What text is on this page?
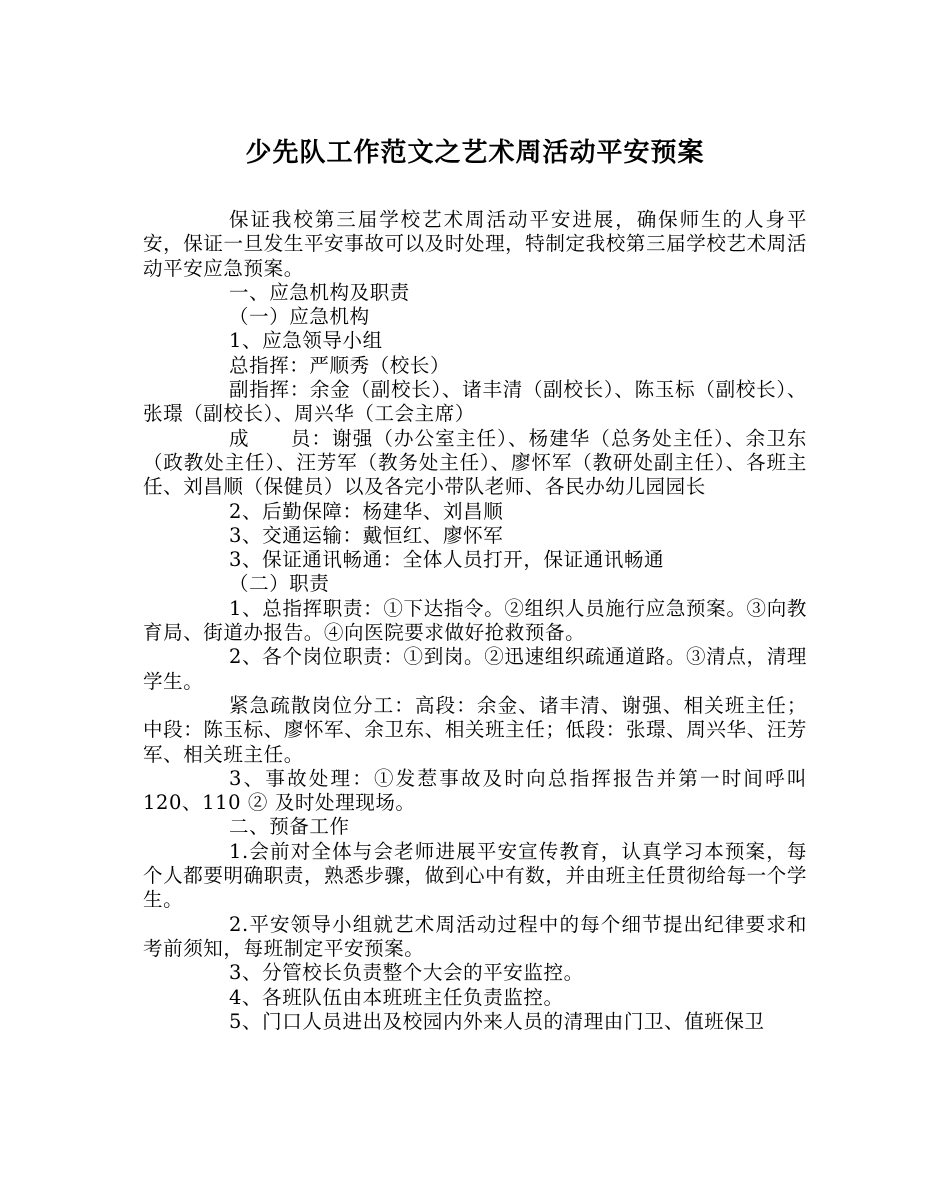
少先队工作范文之艺术周活动平安预案

保证我校第三届学校艺术周活动平安进展，确保师生的人身平安，保证一旦发生平安事故可以及时处理，特制定我校第三届学校艺术周活动平安应急预案。

一、应急机构及职责

（一）应急机构

1、应急领导小组

总指挥：严顺秀（校长）

副指挥：余金（副校长）、诸丰清（副校长）、陈玉标（副校长）、张璟（副校长）、周兴华（工会主席）

成　　员：谢强（办公室主任）、杨建华（总务处主任）、余卫东（政教处主任）、汪芳军（教务处主任）、廖怀军（教研处副主任）、各班主任、刘昌顺（保健员）以及各完小带队老师、各民办幼儿园园长

2、后勤保障：杨建华、刘昌顺

3、交通运输：戴恒红、廖怀军

3、保证通讯畅通：全体人员打开，保证通讯畅通

（二）职责

1、总指挥职责：①下达指令。②组织人员施行应急预案。③向教育局、街道办报告。④向医院要求做好抢救预备。

2、各个岗位职责：①到岗。②迅速组织疏通道路。③清点，清理学生。

紧急疏散岗位分工：高段：余金、诸丰清、谢强、相关班主任；中段：陈玉标、廖怀军、余卫东、相关班主任；低段：张璟、周兴华、汪芳军、相关班主任。

3、事故处理：①发惹事故及时向总指挥报告并第一时间呼叫120、110 ② 及时处理现场。

二、预备工作

1.会前对全体与会老师进展平安宣传教育，认真学习本预案，每个人都要明确职责，熟悉步骤，做到心中有数，并由班主任贯彻给每一个学生。

2.平安领导小组就艺术周活动过程中的每个细节提出纪律要求和考前须知，每班制定平安预案。

3、分管校长负责整个大会的平安监控。

4、各班队伍由本班班主任负责监控。

5、门口人员进出及校园内外来人员的清理由门卫、值班保卫
